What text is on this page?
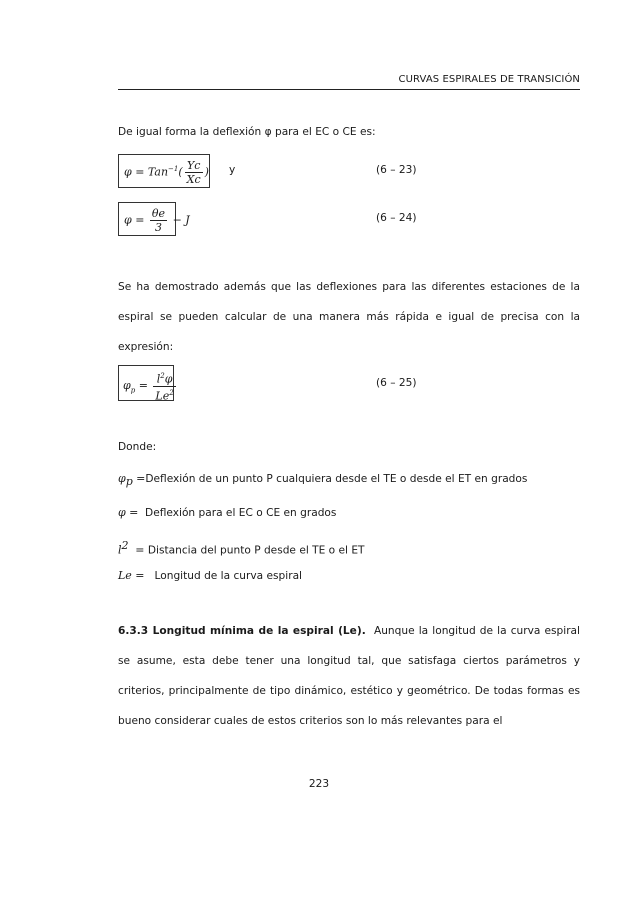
CURVAS ESPIRALES DE TRANSICIÓN
De igual forma la deflexión φ para el EC o CE es:
$\varphi = Tan^{-1}( \frac{Yc}{Xc}$ ) y	(6 – 23)
$\varphi = \frac{\theta e}{3} - J$	(6 – 24)
Se ha demostrado además que las deflexiones para las diferentes estaciones de la espiral se pueden calcular de una manera más rápida e igual de precisa con la expresión:
$\varphi_p = \frac{l^2\varphi}{Le^2}$	(6 – 25)
Donde:
$\varphi_p$ =Deflexión de un punto P cualquiera desde el TE o desde el ET en grados
φ = Deflexión para el EC o CE en grados
$l^2$ = Distancia del punto P desde el TE o el ET
Le = Longitud de la curva espiral
6.3.3 Longitud mínima de la espiral (Le). Aunque la longitud de la curva espiral se asume, esta debe tener una longitud tal, que satisfaga ciertos parámetros y criterios, principalmente de tipo dinámico, estético y geométrico. De todas formas es bueno considerar cuales de estos criterios son lo más relevantes para el
223
